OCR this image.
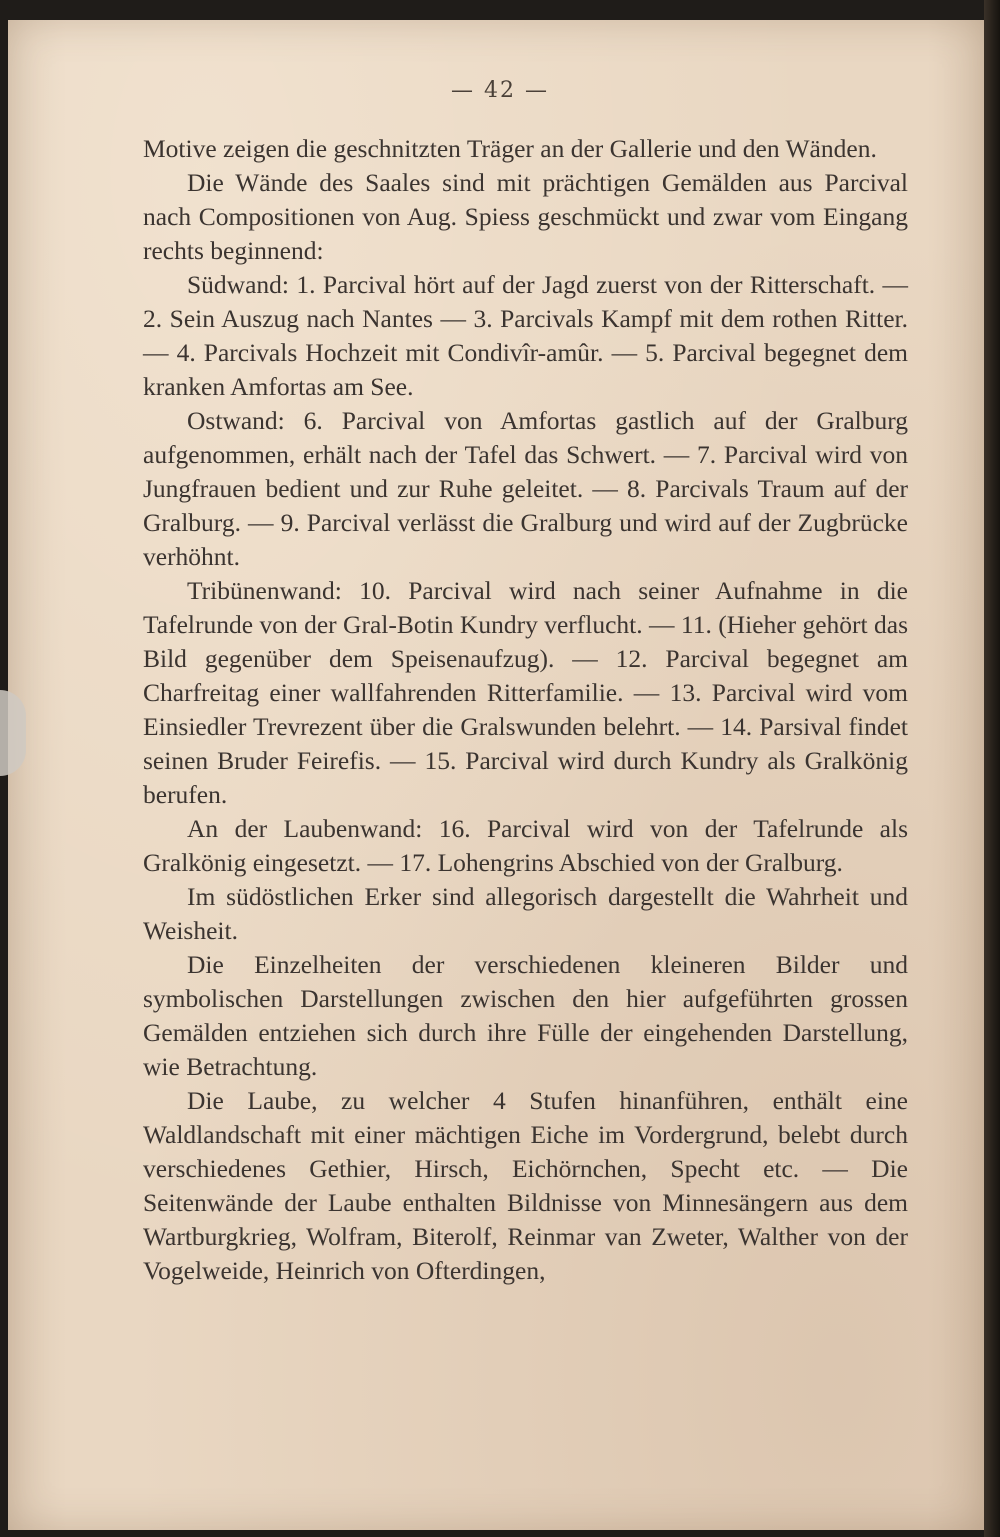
— 42 —

Motive zeigen die geschnitzten Träger an der Gallerie und den Wänden.

Die Wände des Saales sind mit prächtigen Gemälden aus Parcival nach Compositionen von Aug. Spiess geschmückt und zwar vom Eingang rechts beginnend:

Südwand: 1. Parcival hört auf der Jagd zuerst von der Ritterschaft. — 2. Sein Auszug nach Nantes — 3. Parcivals Kampf mit dem rothen Ritter. — 4. Parcivals Hochzeit mit Condivîr-amûr. — 5. Parcival begegnet dem kranken Amfortas am See.

Ostwand: 6. Parcival von Amfortas gastlich auf der Gralburg aufgenommen, erhält nach der Tafel das Schwert. — 7. Parcival wird von Jungfrauen bedient und zur Ruhe geleitet. — 8. Parcivals Traum auf der Gralburg. — 9. Parcival verlässt die Gralburg und wird auf der Zugbrücke verhöhnt.

Tribünenwand: 10. Parcival wird nach seiner Aufnahme in die Tafelrunde von der Gral-Botin Kundry verflucht. — 11. (Hieher gehört das Bild gegenüber dem Speisenaufzug). — 12. Parcival begegnet am Charfreitag einer wallfahrenden Ritterfamilie. — 13. Parcival wird vom Einsiedler Trevrezent über die Gralswunden belehrt. — 14. Parsival findet seinen Bruder Feirefis. — 15. Parcival wird durch Kundry als Gralkönig berufen.

An der Laubenwand: 16. Parcival wird von der Tafelrunde als Gralkönig eingesetzt. — 17. Lohengrins Abschied von der Gralburg.

Im südöstlichen Erker sind allegorisch dargestellt die Wahrheit und Weisheit.

Die Einzelheiten der verschiedenen kleineren Bilder und symbolischen Darstellungen zwischen den hier aufgeführten grossen Gemälden entziehen sich durch ihre Fülle der eingehenden Darstellung, wie Betrachtung.

Die Laube, zu welcher 4 Stufen hinanführen, enthält eine Waldlandschaft mit einer mächtigen Eiche im Vordergrund, belebt durch verschiedenes Gethier, Hirsch, Eichörnchen, Specht etc. — Die Seitenwände der Laube enthalten Bildnisse von Minnesängern aus dem Wartburgkrieg, Wolfram, Biterolf, Reinmar van Zweter, Walther von der Vogelweide, Heinrich von Ofterdingen,
